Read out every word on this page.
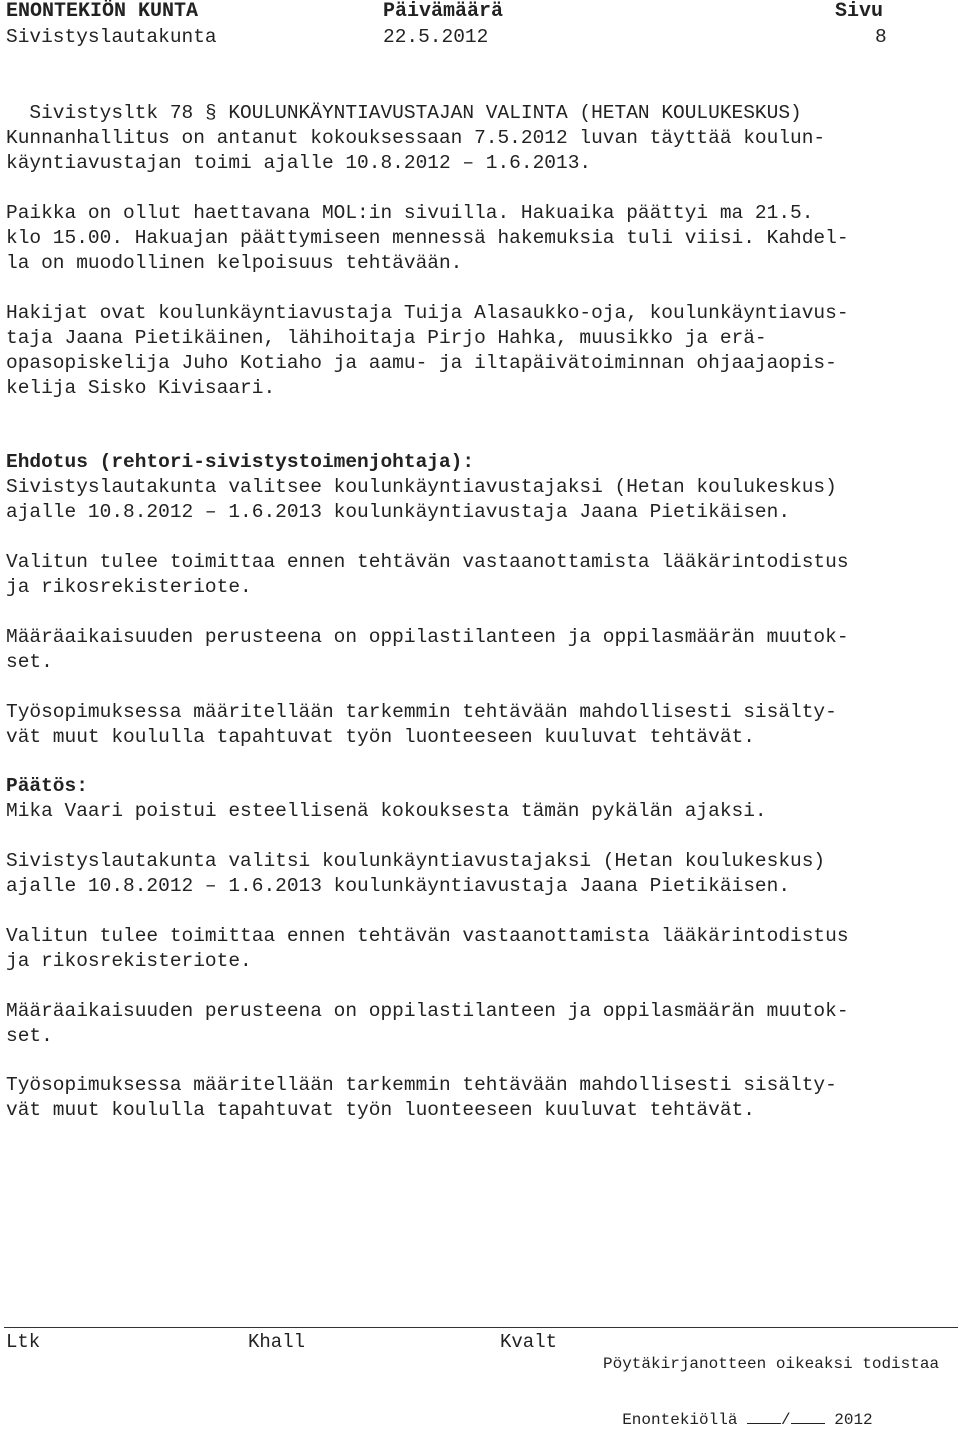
ENONTEKIÖN KUNTA	Päivämäärä	Sivu
Sivistyslautakunta	22.5.2012	8

Sivistysltk 78 § KOULUNKÄYNTIAVUSTAJAN VALINTA (HETAN KOULUKESKUS)

Kunnanhallitus on antanut kokouksessaan 7.5.2012 luvan täyttää koulun-
käyntiavustajan toimi ajalle 10.8.2012 – 1.6.2013.
Paikka on ollut haettavana MOL:in sivuilla. Hakuaika päättyi ma 21.5.
klo 15.00. Hakuajan päättymiseen mennessä hakemuksia tuli viisi. Kahdel-
la on muodollinen kelpoisuus tehtävään.
Hakijat ovat koulunkäyntiavustaja Tuija Alasaukko-oja, koulunkäyntiavus-
taja Jaana Pietikäinen, lähihoitaja Pirjo Hahka, muusikko ja erä-
opasopiskelija Juho Kotiaho ja aamu- ja iltapäivätoiminnan ohjaajaopis-
kelija Sisko Kivisaari.
Ehdotus (rehtori-sivistystoimenjohtaja):
Sivistyslautakunta valitsee koulunkäyntiavustajaksi (Hetan koulukeskus)
ajalle 10.8.2012 – 1.6.2013 koulunkäyntiavustaja Jaana Pietikäisen.
Valitun tulee toimittaa ennen tehtävän vastaanottamista lääkärintodistus
ja rikosrekisteriote.
Määräaikaisuuden perusteena on oppilastilanteen ja oppilasmäärän muutok-
set.
Työsopimuksessa määritellään tarkemmin tehtävään mahdollisesti sisälty-
vät muut koululla tapahtuvat työn luonteeseen kuuluvat tehtävät.
Päätös:
Mika Vaari poistui esteellisenä kokouksesta tämän pykälän ajaksi.
Sivistyslautakunta valitsi koulunkäyntiavustajaksi (Hetan koulukeskus)
ajalle 10.8.2012 – 1.6.2013 koulunkäyntiavustaja Jaana Pietikäisen.
Valitun tulee toimittaa ennen tehtävän vastaanottamista lääkärintodistus
ja rikosrekisteriote.
Määräaikaisuuden perusteena on oppilastilanteen ja oppilasmäärän muutok-
set.
Työsopimuksessa määritellään tarkemmin tehtävään mahdollisesti sisälty-
vät muut koululla tapahtuvat työn luonteeseen kuuluvat tehtävät.
Ltk	Khall	Kvalt
Pöytäkirjanotteen oikeaksi todistaa

Enontekiöllä	/	2012
